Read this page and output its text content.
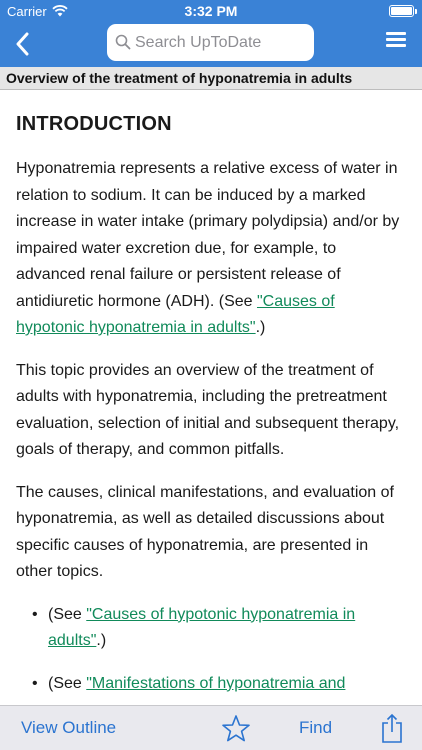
Carrier	3:32 PM
Search UpToDate
Overview of the treatment of hyponatremia in adults
INTRODUCTION

Hyponatremia represents a relative excess of water in relation to sodium. It can be induced by a marked increase in water intake (primary polydipsia) and/or by impaired water excretion due, for example, to advanced renal failure or persistent release of antidiuretic hormone (ADH). (See "Causes of hypotonic hyponatremia in adults".)

This topic provides an overview of the treatment of adults with hyponatremia, including the pretreatment evaluation, selection of initial and subsequent therapy, goals of therapy, and common pitfalls.

The causes, clinical manifestations, and evaluation of hyponatremia, as well as detailed discussions about specific causes of hyponatremia, are presented in other topics.

• (See "Causes of hypotonic hyponatremia in adults".)
• (See "Manifestations of hyponatremia and
View Outline	Find
